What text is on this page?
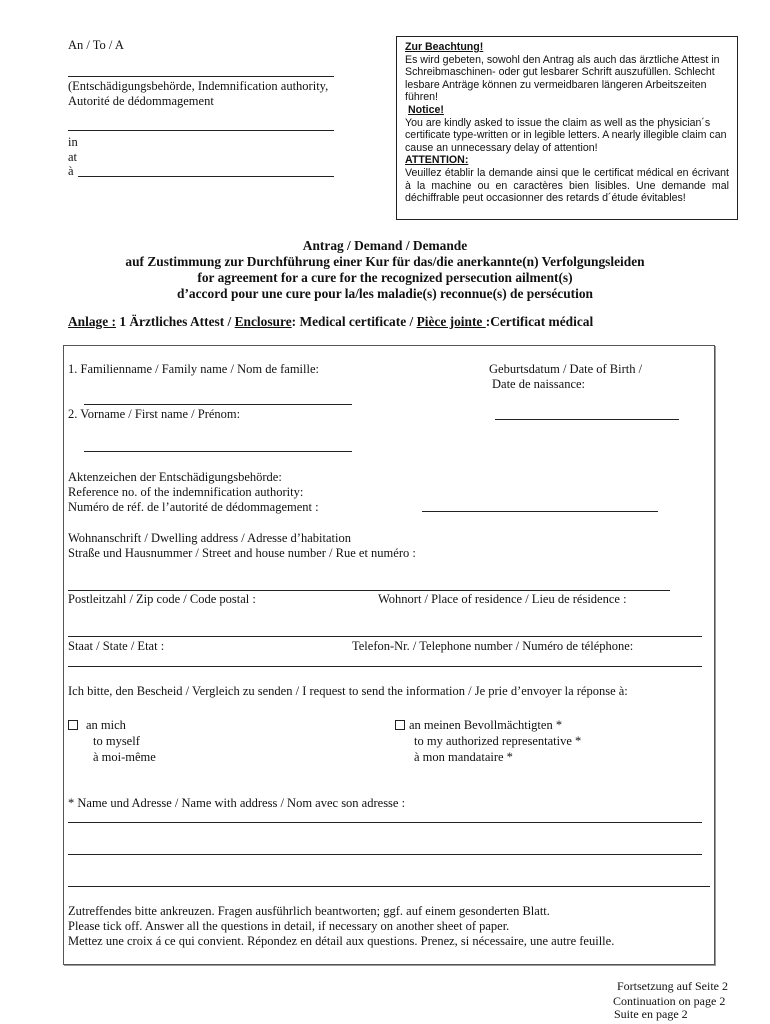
An / To / A
(Entschädigungsbehörde, Indemnification authority,
Autorité de dédommagement
in
at
à

Zur Beachtung!

Es wird gebeten, sowohl den Antrag als auch das ärztliche Attest in Schreibmaschinen- oder gut lesbarer Schrift auszufüllen. Schlecht lesbare Anträge können zu vermeidbaren längeren Arbeitszeiten führen!

Notice!

You are kindly asked to issue the claim as well as the physician´s certificate type-written or in legible letters. A nearly illegible claim can cause an unnecessary delay of attention!

ATTENTION:

Veuillez établir la demande ainsi que le certificat médical en écrivant à la machine ou en caractères bien lisibles. Une demande mal déchiffrable peut occasionner des retards d´étude évitables!

Antrag / Demand / Demande
auf Zustimmung zur Durchführung einer Kur für das/die anerkannte(n) Verfolgungsleiden
for agreement for a cure for the recognized persecution ailment(s)
d’accord pour une cure pour la/les maladie(s) reconnue(s) de persécution
Anlage : 1 Ärztliches Attest / Enclosure: Medical certificate / Pièce jointe :Certificat médical
1. Familienname / Family name / Nom de famille:	Geburtsdatum / Date of Birth /
Date de naissance:
2. Vorname / First name / Prénom:
Aktenzeichen der Entschädigungsbehörde:
Reference no. of the indemnification authority:
Numéro de réf. de l’autorité de dédommagement :
Wohnanschrift / Dwelling address / Adresse d’habitation
Straße und Hausnummer / Street and house number / Rue et numéro :
Postleitzahl / Zip code / Code postal :	Wohnort / Place of residence / Lieu de résidence :
Staat / State / Etat :	Telefon-Nr. / Telephone number / Numéro de téléphone:
Ich bitte, den Bescheid / Vergleich zu senden / I request to send the information / Je prie d’envoyer la réponse à:
an mich
to myself
à moi-même
an meinen Bevollmächtigten *
to my authorized representative *
à mon mandataire *
* Name und Adresse / Name with address / Nom avec son adresse :
Zutreffendes bitte ankreuzen. Fragen ausführlich beantworten; ggf. auf einem gesonderten Blatt.
Please tick off. Answer all the questions in detail, if necessary on another sheet of paper.
Mettez une croix á ce qui convient. Répondez en détail aux questions. Prenez, si nécessaire, une autre feuille.
Fortsetzung auf Seite 2
Continuation on page 2
Suite en page 2
